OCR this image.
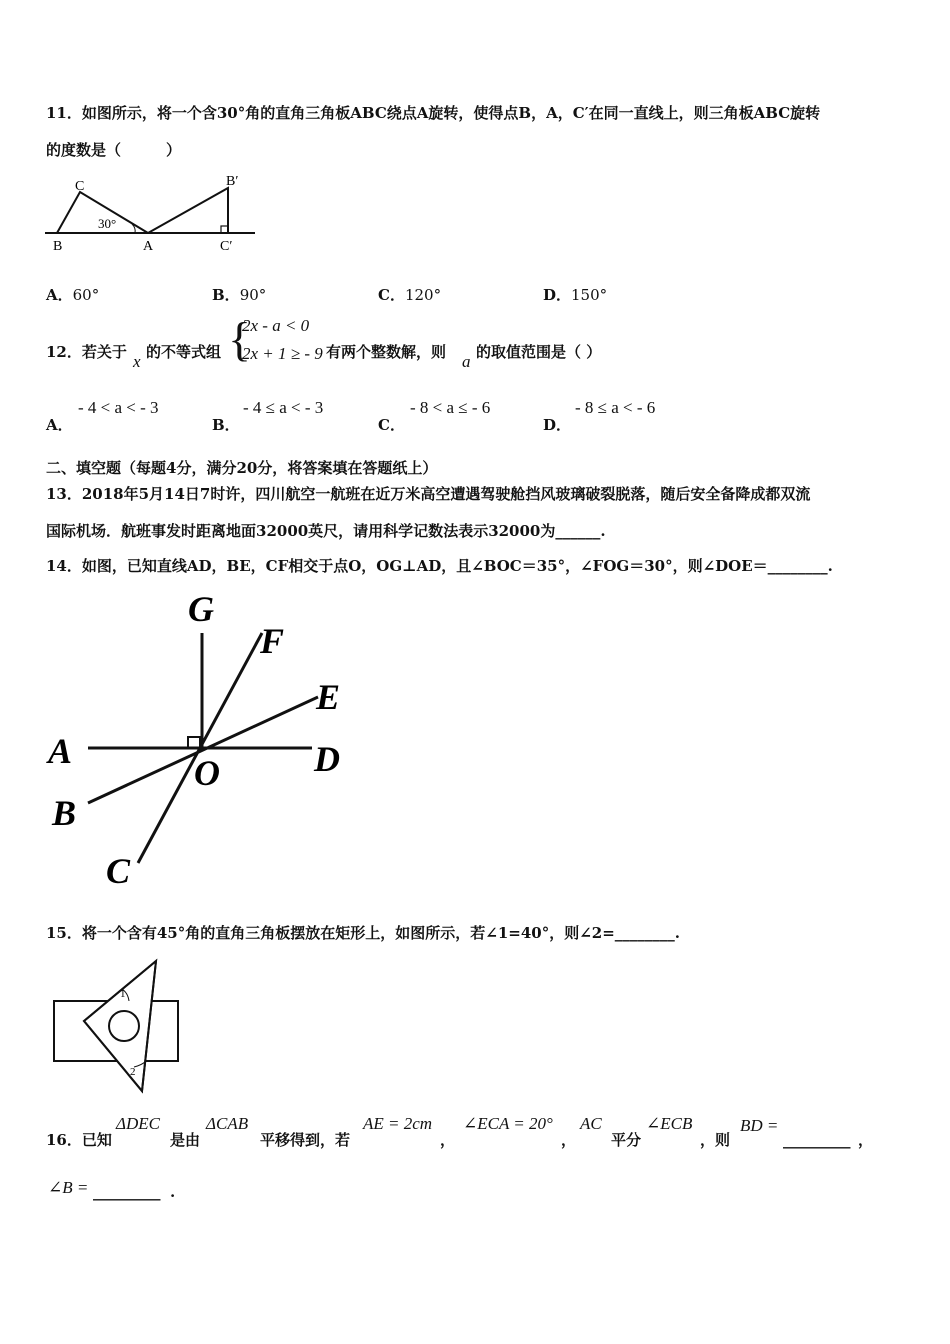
11．如图所示，将一个含30°角的直角三角板ABC绕点A旋转，使得点B，A，C′在同一直线上，则三角板ABC旋转
的度数是（　　　）
C
B	A
B′
C′
30°
A．60°	B．90°	C．120°	D．150°
12．若关于 x 的不等式组 {
2x - a < 0
2x + 1 ≥ - 9 有两个整数解，则 a 的取值范围是（ ）
A．
- 4 < a < - 3
B．
- 4 ≤ a < - 3
C．
- 8 < a ≤ - 6
D．
- 8 ≤ a < - 6
二、填空题（每题4分，满分20分，将答案填在答题纸上）
13．2018年5月14日7时许，四川航空一航班在近万米高空遭遇驾驶舱挡风玻璃破裂脱落，随后安全备降成都双流
国际机场．航班事发时距离地面32000英尺，请用科学记数法表示32000为______.
14．如图，已知直线AD，BE，CF相交于点O，OG⊥AD，且∠BOC＝35°，∠FOG＝30°，则∠DOE＝________.
G
F
E
A	D
O
B
C
15．将一个含有45°角的直角三角板摆放在矩形上，如图所示，若∠1=40°，则∠2=________.
1
2
16．已知
ΔDEC
是由
ΔCAB
平移得到，若
AE = 2cm
，
∠ECA = 20°
，
AC
平分
∠ECB
，则
BD =
_________ ，
∠B = _________ .
